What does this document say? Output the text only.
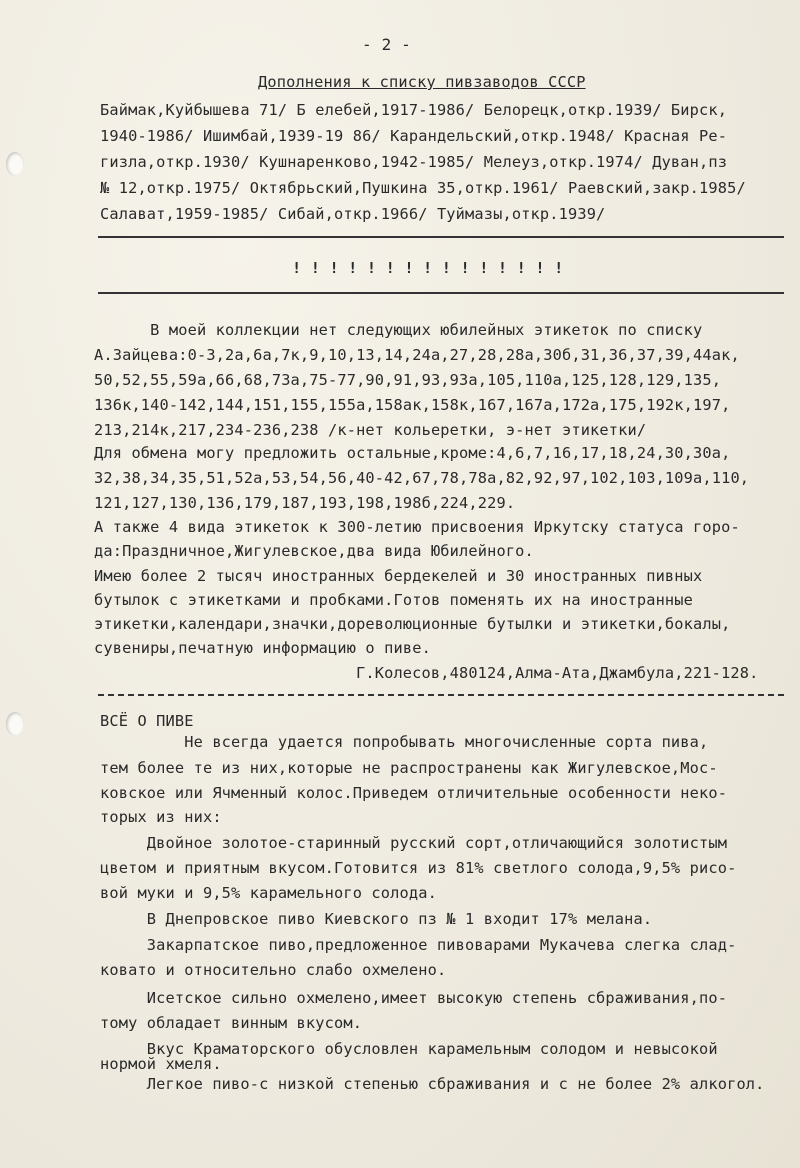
- 2 -
Дополнения к списку пивзаводов СССР
Баймак,Куйбышева 71/ Б елебей,1917-1986/ Белорецк,откр.1939/ Бирск,
1940-1986/ Ишимбай,1939-19 86/ Карандельский,откр.1948/ Красная Ре-
гизла,откр.1930/ Кушнаренково,1942-1985/ Мелеуз,откр.1974/ Дуван,пз
№ 12,откр.1975/ Октябрьский,Пушкина 35,откр.1961/ Раевский,закр.1985/
Салават,1959-1985/ Сибай,откр.1966/ Туймазы,откр.1939/
! ! ! ! ! ! ! ! ! ! ! ! ! ! !
В моей коллекции нет следующих юбилейных этикеток по списку
А.Зайцева:0-3,2а,6а,7к,9,10,13,14,24а,27,28,28а,30б,31,36,37,39,44ак,
50,52,55,59а,66,68,73а,75-77,90,91,93,93а,105,110а,125,128,129,135,
136к,140-142,144,151,155,155а,158ак,158к,167,167а,172а,175,192к,197,
213,214к,217,234-236,238 /к-нет кольеретки, э-нет этикетки/
Для обмена могу предложить остальные,кроме:4,6,7,16,17,18,24,30,30а,
32,38,34,35,51,52а,53,54,56,40-42,67,78,78а,82,92,97,102,103,109а,110,
121,127,130,136,179,187,193,198,198б,224,229.
А также 4 вида этикеток к 300-летию присвоения Иркутску статуса горо-
да:Праздничное,Жигулевское,два вида Юбилейного.
Имею более 2 тысяч иностранных бердекелей и 30 иностранных пивных
бутылок с этикетками и пробками.Готов поменять их на иностранные
этикетки,календари,значки,дореволюционные бутылки и этикетки,бокалы,
сувениры,печатную информацию о пиве.
Г.Колесов,480124,Алма-Ата,Джамбула,221-128.
ВСЁ О ПИВЕ
Не всегда удается попробывать многочисленные сорта пива,
тем более те из них,которые не распространены как Жигулевское,Мос-
ковское или Ячменный колос.Приведем отличительные особенности неко-
торых из них:
Двойное золотое-старинный русский сорт,отличающийся золотистым
цветом и приятным вкусом.Готовится из 81% светлого солода,9,5% рисо-
вой муки и 9,5% карамельного солода.
В Днепровское пиво Киевского пз № 1 входит 17% мелана.
Закарпатское пиво,предложенное пивоварами Мукачева слегка слад-
ковато и относительно слабо охмелено.
Исетское сильно охмелено,имеет высокую степень сбраживания,по-
тому обладает винным вкусом.
Вкус Краматорского обусловлен карамельным солодом и невысокой
нормой хмеля.
Легкое пиво-с низкой степенью сбраживания и с не более 2% алкогол.
